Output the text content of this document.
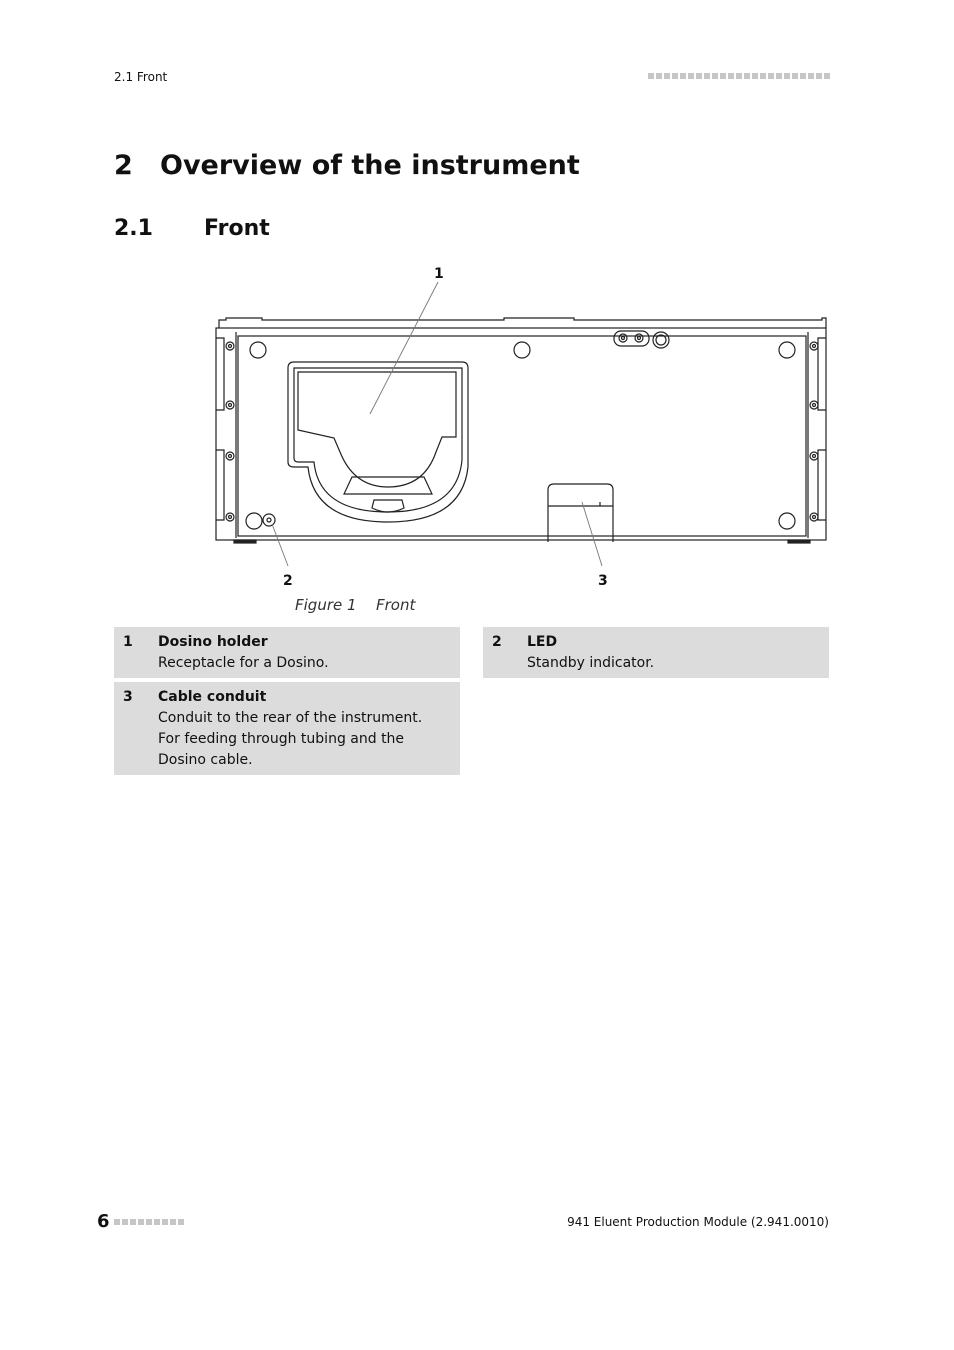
2.1 Front
2 Overview of the instrument
2.1 Front
1
2	3
Figure 1 Front
1 Dosino holder
Receptacle for a Dosino.
2 LED
Standby indicator.
3 Cable conduit
Conduit to the rear of the instrument. For feeding through tubing and the Dosino cable.
6	941 Eluent Production Module (2.941.0010)
